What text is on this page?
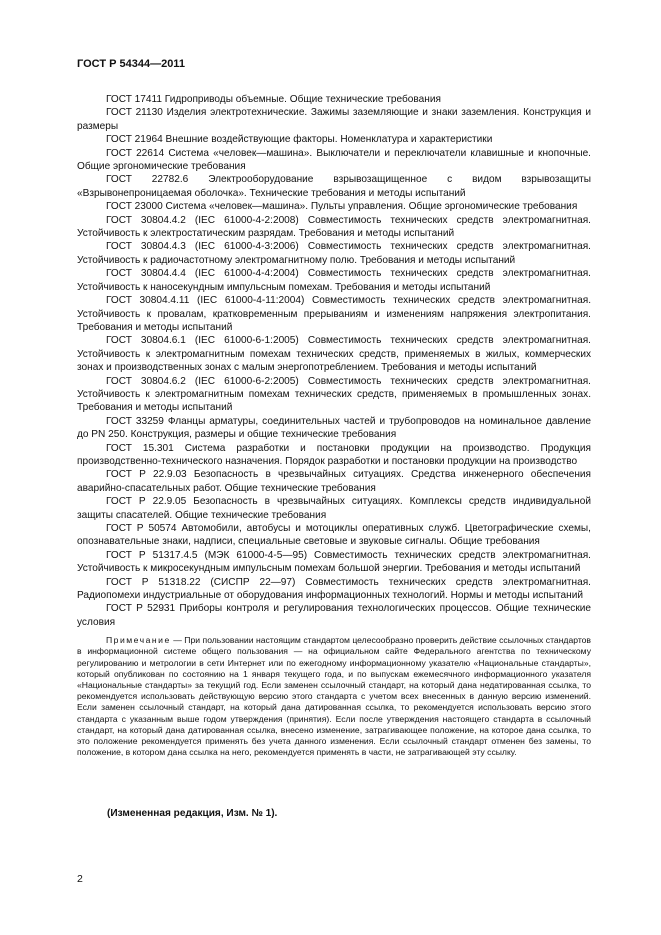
ГОСТ Р 54344—2011

ГОСТ 17411 Гидроприводы объемные. Общие технические требования

ГОСТ 21130 Изделия электротехнические. Зажимы заземляющие и знаки заземления. Конструкция и размеры

ГОСТ 21964 Внешние воздействующие факторы. Номенклатура и характеристики

ГОСТ 22614 Система «человек—машина». Выключатели и переключатели клавишные и кнопочные. Общие эргономические требования

ГОСТ 22782.6 Электрооборудование взрывозащищенное с видом взрывозащиты «Взрывонепроницаемая оболочка». Технические требования и методы испытаний

ГОСТ 23000 Система «человек—машина». Пульты управления. Общие эргономические требования

ГОСТ 30804.4.2 (IEC 61000-4-2:2008) Совместимость технических средств электромагнитная. Устойчивость к электростатическим разрядам. Требования и методы испытаний

ГОСТ 30804.4.3 (IEC 61000-4-3:2006) Совместимость технических средств электромагнитная. Устойчивость к радиочастотному электромагнитному полю. Требования и методы испытаний

ГОСТ 30804.4.4 (IEC 61000-4-4:2004) Совместимость технических средств электромагнитная. Устойчивость к наносекундным импульсным помехам. Требования и методы испытаний

ГОСТ 30804.4.11 (IEC 61000-4-11:2004) Совместимость технических средств электромагнитная. Устойчивость к провалам, кратковременным прерываниям и изменениям напряжения электропитания. Требования и методы испытаний

ГОСТ 30804.6.1 (IEC 61000-6-1:2005) Совместимость технических средств электромагнитная. Устойчивость к электромагнитным помехам технических средств, применяемых в жилых, коммерческих зонах и производственных зонах с малым энергопотреблением. Требования и методы испытаний

ГОСТ 30804.6.2 (IEC 61000-6-2:2005) Совместимость технических средств электромагнитная. Устойчивость к электромагнитным помехам технических средств, применяемых в промышленных зонах. Требования и методы испытаний

ГОСТ 33259 Фланцы арматуры, соединительных частей и трубопроводов на номинальное давление до PN 250. Конструкция, размеры и общие технические требования

ГОСТ 15.301 Система разработки и постановки продукции на производство. Продукция производственно-технического назначения. Порядок разработки и постановки продукции на производство

ГОСТ Р 22.9.03 Безопасность в чрезвычайных ситуациях. Средства инженерного обеспечения аварийно-спасательных работ. Общие технические требования

ГОСТ Р 22.9.05 Безопасность в чрезвычайных ситуациях. Комплексы средств индивидуальной защиты спасателей. Общие технические требования

ГОСТ Р 50574 Автомобили, автобусы и мотоциклы оперативных служб. Цветографические схемы, опознавательные знаки, надписи, специальные световые и звуковые сигналы. Общие требования

ГОСТ Р 51317.4.5 (МЭК 61000-4-5—95) Совместимость технических средств электромагнитная. Устойчивость к микросекундным импульсным помехам большой энергии. Требования и методы испытаний

ГОСТ Р 51318.22 (СИСПР 22—97) Совместимость технических средств электромагнитная. Радиопомехи индустриальные от оборудования информационных технологий. Нормы и методы испытаний

ГОСТ Р 52931 Приборы контроля и регулирования технологических процессов. Общие технические условия

Примечание — При пользовании настоящим стандартом целесообразно проверить действие ссылочных стандартов в информационной системе общего пользования — на официальном сайте Федерального агентства по техническому регулированию и метрологии в сети Интернет или по ежегодному информационному указателю «Национальные стандарты», который опубликован по состоянию на 1 января текущего года, и по выпускам ежемесячного информационного указателя «Национальные стандарты» за текущий год. Если заменен ссылочный стандарт, на который дана недатированная ссылка, то рекомендуется использовать действующую версию этого стандарта с учетом всех внесенных в данную версию изменений. Если заменен ссылочный стандарт, на который дана датированная ссылка, то рекомендуется использовать версию этого стандарта с указанным выше годом утверждения (принятия). Если после утверждения настоящего стандарта в ссылочный стандарт, на который дана датированная ссылка, внесено изменение, затрагивающее положение, на которое дана ссылка, то это положение рекомендуется применять без учета данного изменения. Если ссылочный стандарт отменен без замены, то положение, в котором дана ссылка на него, рекомендуется применять в части, не затрагивающей эту ссылку.

(Измененная редакция, Изм. № 1).
2
